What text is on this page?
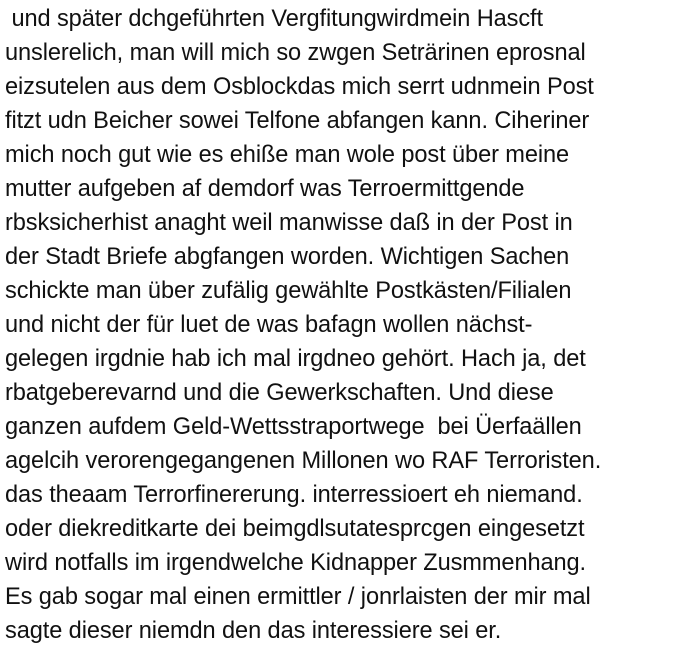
und später dchgeführten Vergfitungwirdmein Hascft
unslerelich, man will mich so zwgen Seträrinen eprosnal
eizsutelen aus dem Osblockdas mich serrt udnmein Post
fitzt udn Beicher sowei Telfone abfangen kann. Ciheriner
mich noch gut wie es ehiße man wole post über meine
mutter aufgeben af demdorf was Terroermittgende
rbsksicherhist anaght weil manwisse daß in der Post in
der Stadt Briefe abgfangen worden. Wichtigen Sachen
schickte man über zufälig gewählte Postkästen/Filialen
und nicht der für luet de was bafagn wollen nächst-
gelegen irgdnie hab ich mal irgdneo gehört. Hach ja, det
rbatgeberevarnd und die Gewerkschaften. Und diese
ganzen aufdem Geld-Wettsstraportwege  bei Üerfaällen
agelcih verorengegangenen Millonen wo RAF Terroristen.
das theaam Terrorfinererung. interressioert eh niemand.
oder diekreditkarte dei beimgdlsutatesprcgen eingesetzt
wird notfalls im irgendwelche Kidnapper Zusmmenhang.
Es gab sogar mal einen ermittler / jonrlaisten der mir mal
sagte dieser niemdn den das interessiere sei er.
